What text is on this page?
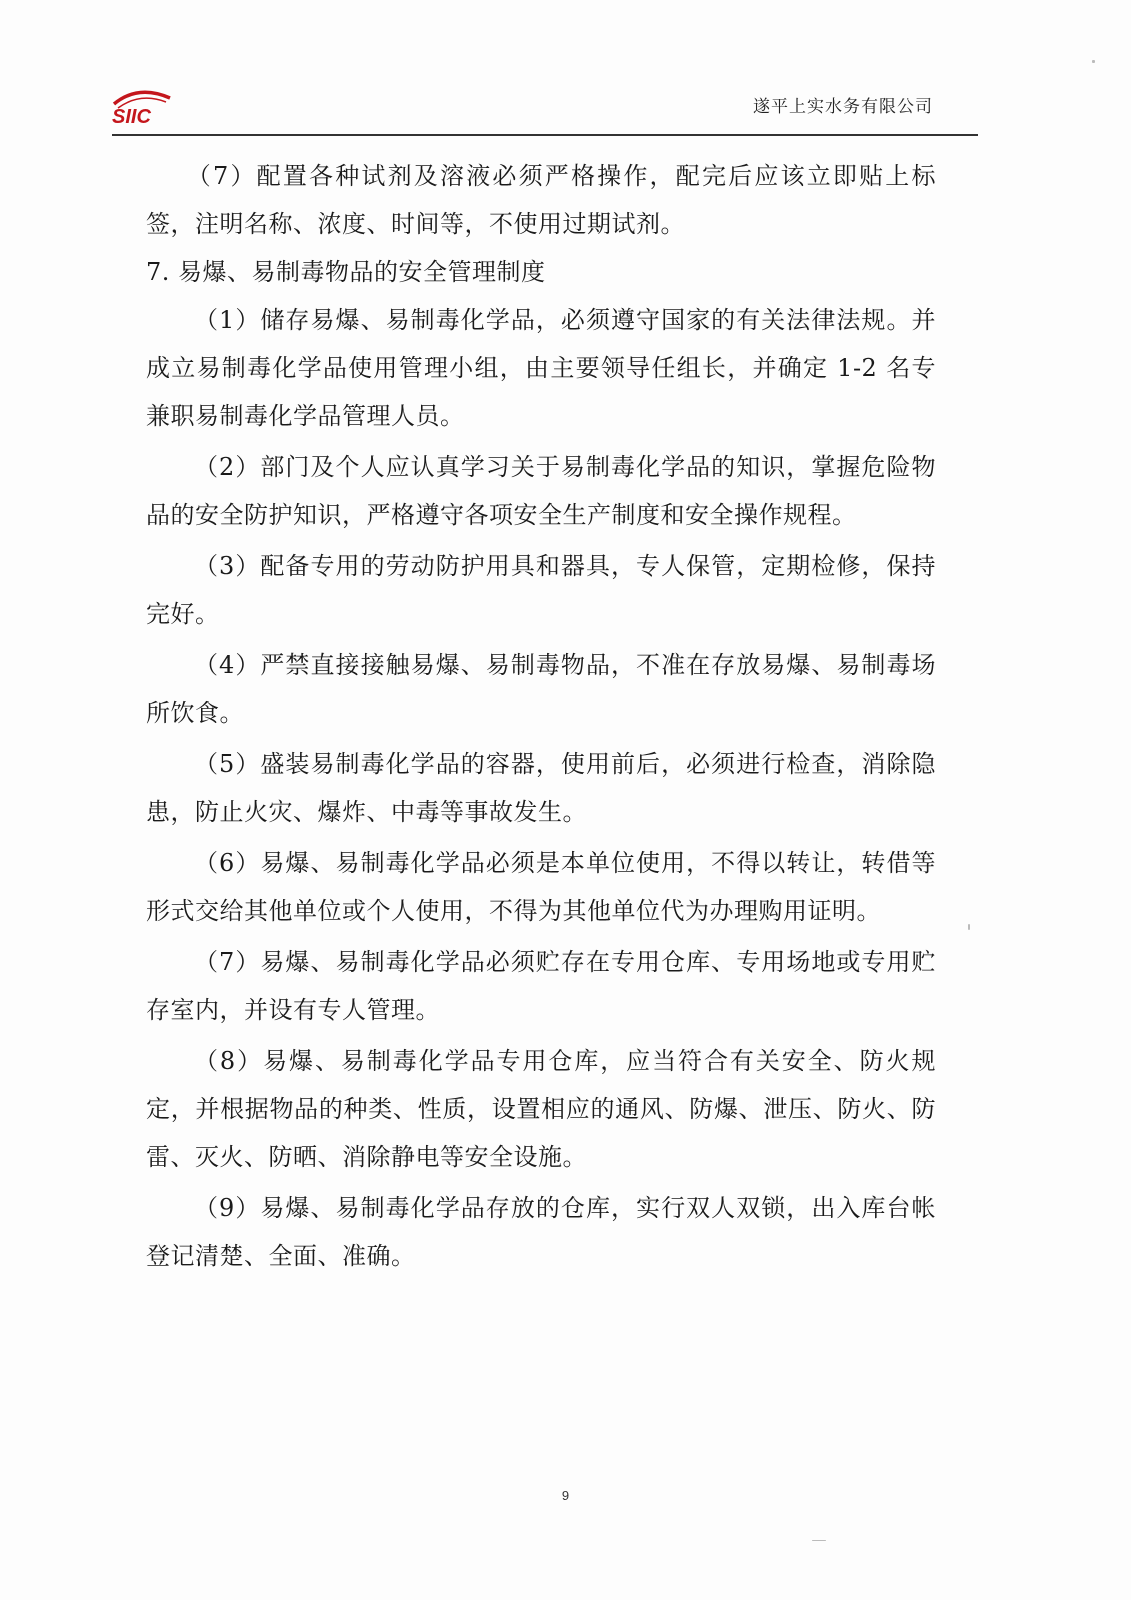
SIIC	遂平上实水务有限公司

（7）配置各种试剂及溶液必须严格操作，配完后应该立即贴上标签，注明名称、浓度、时间等，不使用过期试剂。

7. 易爆、易制毒物品的安全管理制度

（1）储存易爆、易制毒化学品，必须遵守国家的有关法律法规。并成立易制毒化学品使用管理小组，由主要领导任组长，并确定 1-2 名专兼职易制毒化学品管理人员。

（2）部门及个人应认真学习关于易制毒化学品的知识，掌握危险物品的安全防护知识，严格遵守各项安全生产制度和安全操作规程。

（3）配备专用的劳动防护用具和器具，专人保管，定期检修，保持完好。

（4）严禁直接接触易爆、易制毒物品，不准在存放易爆、易制毒场所饮食。

（5）盛装易制毒化学品的容器，使用前后，必须进行检查，消除隐患，防止火灾、爆炸、中毒等事故发生。

（6）易爆、易制毒化学品必须是本单位使用，不得以转让，转借等形式交给其他单位或个人使用，不得为其他单位代为办理购用证明。

（7）易爆、易制毒化学品必须贮存在专用仓库、专用场地或专用贮存室内，并设有专人管理。

（8）易爆、易制毒化学品专用仓库，应当符合有关安全、防火规定，并根据物品的种类、性质，设置相应的通风、防爆、泄压、防火、防雷、灭火、防晒、消除静电等安全设施。

（9）易爆、易制毒化学品存放的仓库，实行双人双锁，出入库台帐登记清楚、全面、准确。

9
